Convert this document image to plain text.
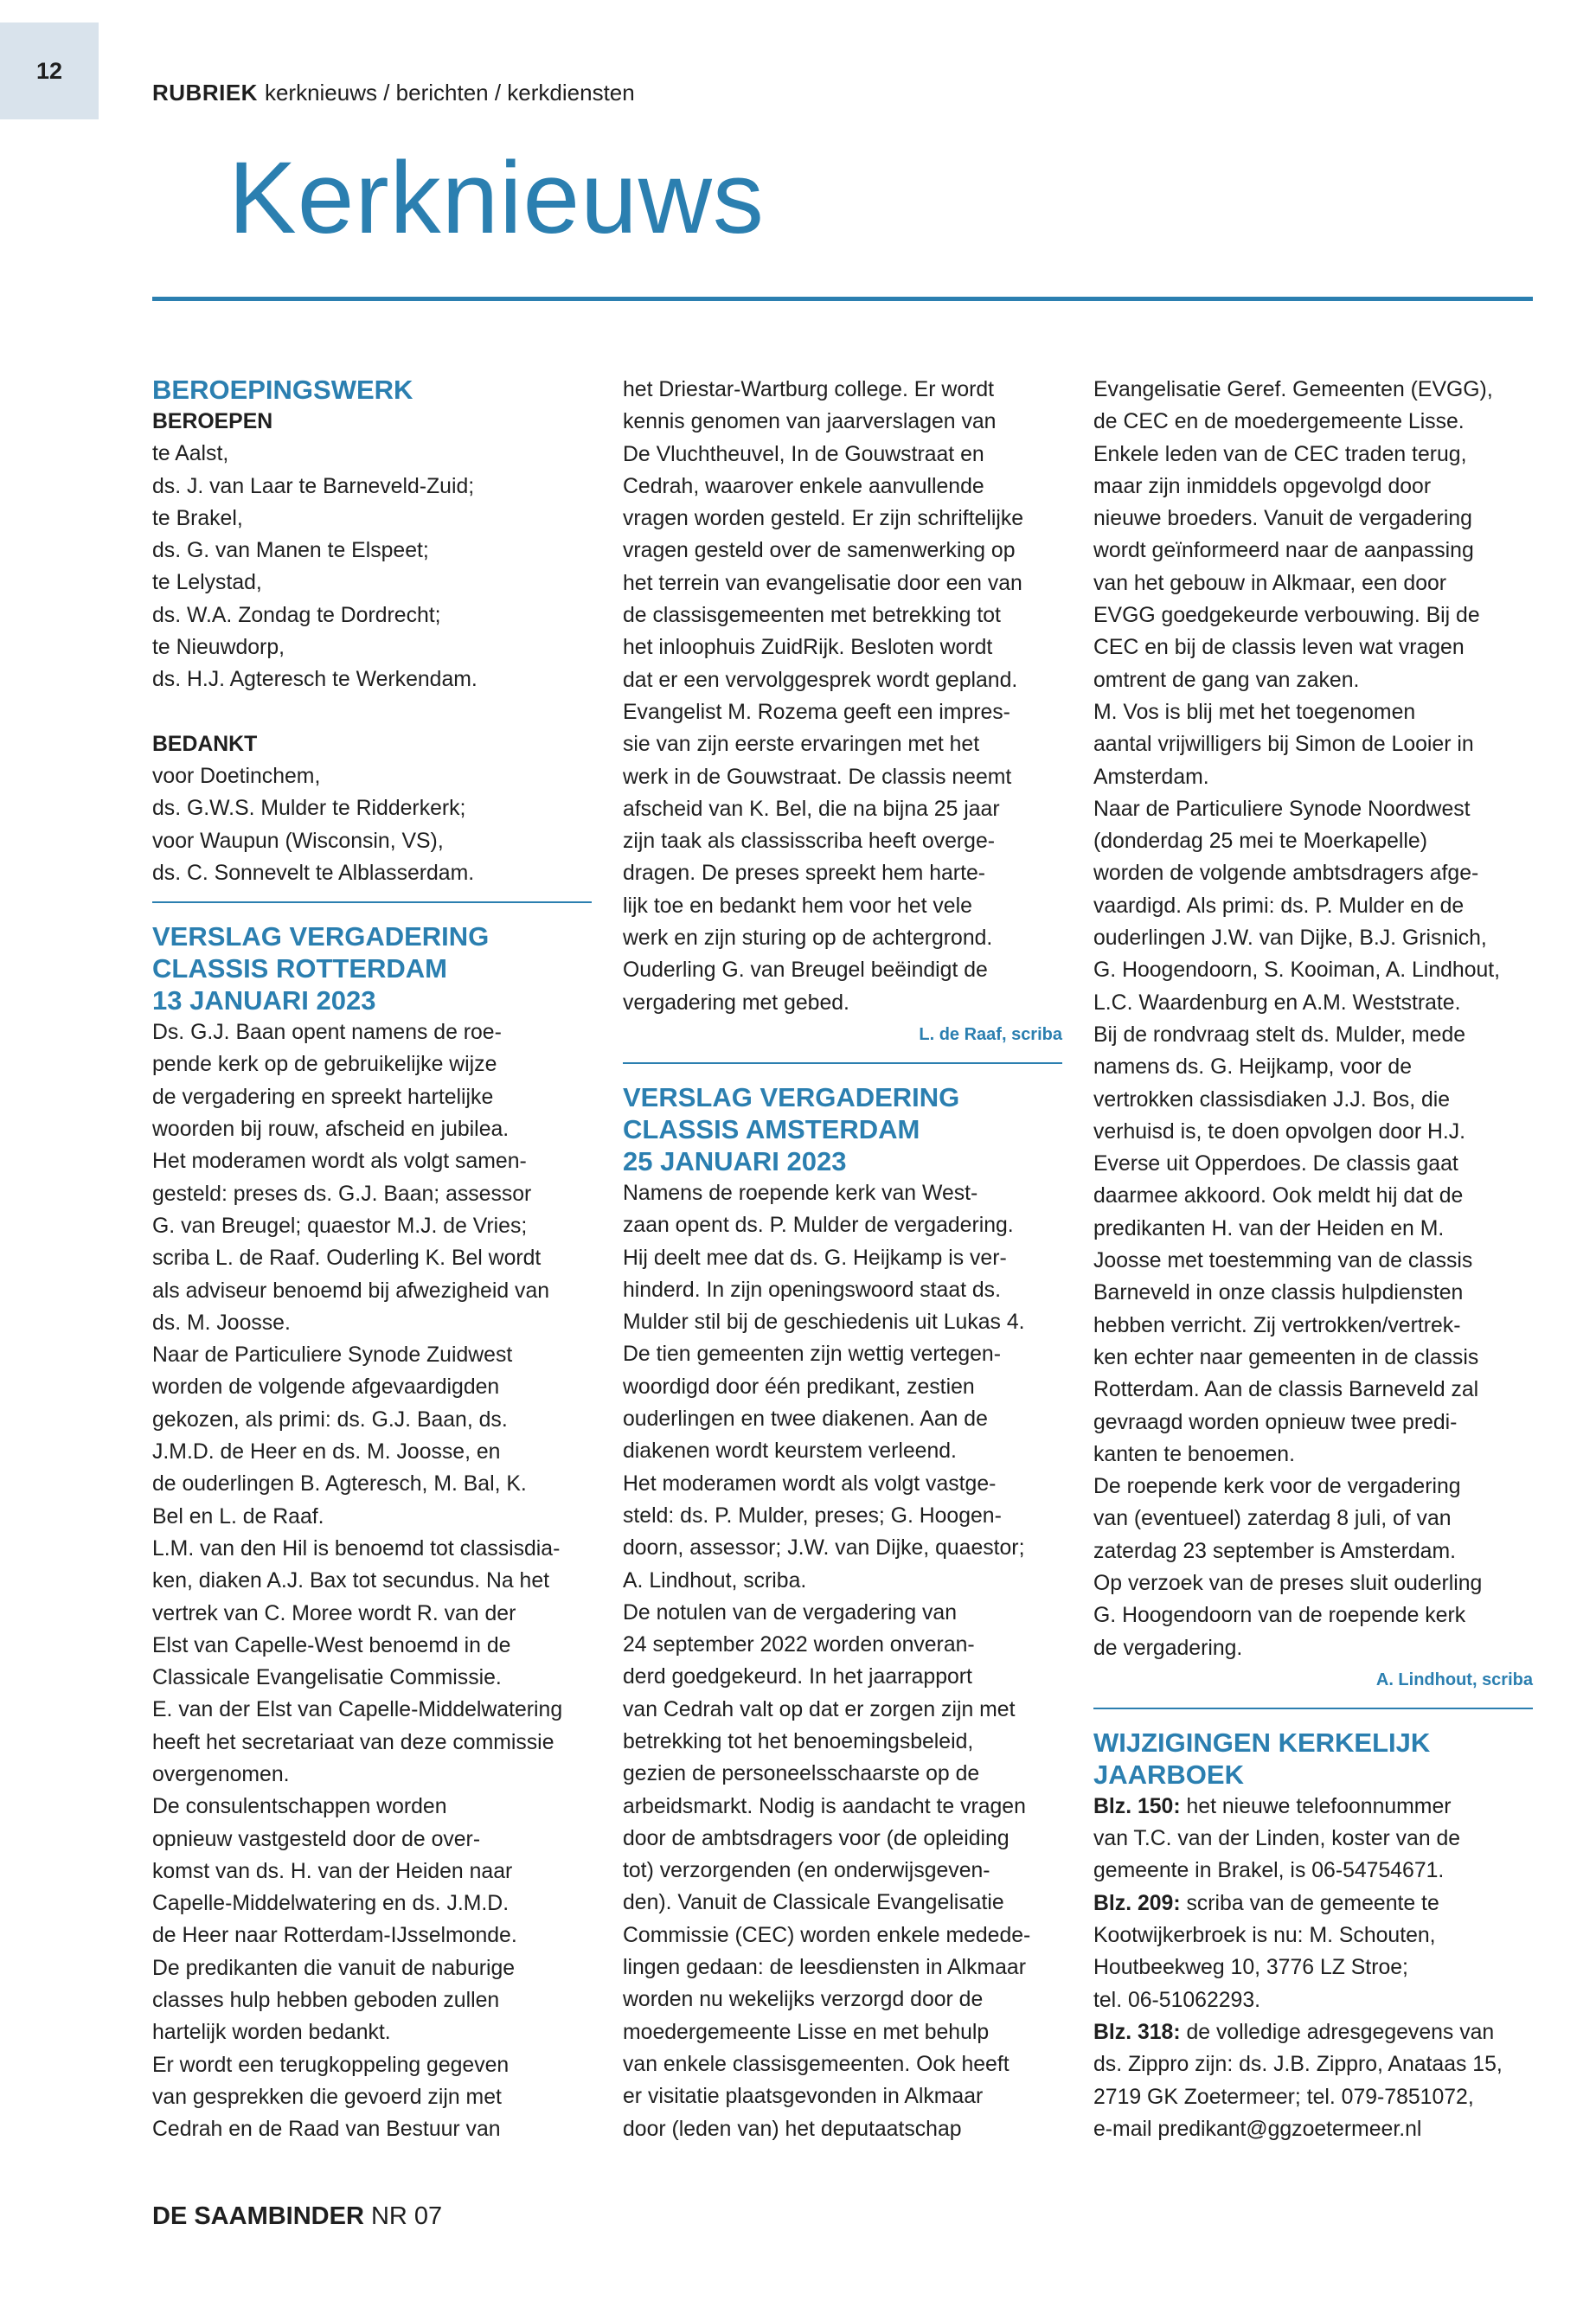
12
RUBRIEK kerknieuws / berichten / kerkdiensten
Kerknieuws

BEROEPINGSWERK

BEROEPEN

te Aalst,

ds. J. van Laar te Barneveld-Zuid;

te Brakel,

ds. G. van Manen te Elspeet;

te Lelystad,

ds. W.A. Zondag te Dordrecht;

te Nieuwdorp,

ds. H.J. Agteresch te Werkendam.

BEDANKT

voor Doetinchem,

ds. G.W.S. Mulder te Ridderkerk;

voor Waupun (Wisconsin, VS),

ds. C. Sonnevelt te Alblasserdam.

VERSLAG VERGADERING

CLASSIS ROTTERDAM

13 JANUARI 2023

Ds. G.J. Baan opent namens de roe-

pende kerk op de gebruikelijke wijze

de vergadering en spreekt hartelijke

woorden bij rouw, afscheid en jubilea.

Het moderamen wordt als volgt samen-

gesteld: preses ds. G.J. Baan; assessor

G. van Breugel; quaestor M.J. de Vries;

scriba L. de Raaf. Ouderling K. Bel wordt

als adviseur benoemd bij afwezigheid van

ds. M. Joosse.

Naar de Particuliere Synode Zuidwest

worden de volgende afgevaardigden

gekozen, als primi: ds. G.J. Baan, ds.

J.M.D. de Heer en ds. M. Joosse, en

de ouderlingen B. Agteresch, M. Bal, K.

Bel en L. de Raaf.

L.M. van den Hil is benoemd tot classisdia-

ken, diaken A.J. Bax tot secundus. Na het

vertrek van C. Moree wordt R. van der

Elst van Capelle-West benoemd in de

Classicale Evangelisatie Commissie.

E. van der Elst van Capelle-Middelwatering

heeft het secretariaat van deze commissie

overgenomen.

De consulentschappen worden

opnieuw vastgesteld door de over-

komst van ds. H. van der Heiden naar

Capelle-Middelwatering en ds. J.M.D.

de Heer naar Rotterdam-IJsselmonde.

De predikanten die vanuit de naburige

classes hulp hebben geboden zullen

hartelijk worden bedankt.

Er wordt een terugkoppeling gegeven

van gesprekken die gevoerd zijn met

Cedrah en de Raad van Bestuur van

het Driestar-Wartburg college. Er wordt

kennis genomen van jaarverslagen van

De Vluchtheuvel, In de Gouwstraat en

Cedrah, waarover enkele aanvullende

vragen worden gesteld. Er zijn schriftelijke

vragen gesteld over de samenwerking op

het terrein van evangelisatie door een van

de classisgemeenten met betrekking tot

het inloophuis ZuidRijk. Besloten wordt

dat er een vervolggesprek wordt gepland.

Evangelist M. Rozema geeft een impres-

sie van zijn eerste ervaringen met het

werk in de Gouwstraat. De classis neemt

afscheid van K. Bel, die na bijna 25 jaar

zijn taak als classisscriba heeft overge-

dragen. De preses spreekt hem harte-

lijk toe en bedankt hem voor het vele

werk en zijn sturing op de achtergrond.

Ouderling G. van Breugel beëindigt de

vergadering met gebed.

L. de Raaf, scriba

VERSLAG VERGADERING

CLASSIS AMSTERDAM

25 JANUARI 2023

Namens de roepende kerk van West-

zaan opent ds. P. Mulder de vergadering.

Hij deelt mee dat ds. G. Heijkamp is ver-

hinderd. In zijn openingswoord staat ds.

Mulder stil bij de geschiedenis uit Lukas 4.

De tien gemeenten zijn wettig vertegen-

woordigd door één predikant, zestien

ouderlingen en twee diakenen. Aan de

diakenen wordt keurstem verleend.

Het moderamen wordt als volgt vastge-

steld: ds. P. Mulder, preses; G. Hoogen-

doorn, assessor; J.W. van Dijke, quaestor;

A. Lindhout, scriba.

De notulen van de vergadering van

24 september 2022 worden onveran-

derd goedgekeurd. In het jaarrapport

van Cedrah valt op dat er zorgen zijn met

betrekking tot het benoemingsbeleid,

gezien de personeelsschaarste op de

arbeidsmarkt. Nodig is aandacht te vragen

door de ambtsdragers voor (de opleiding

tot) verzorgenden (en onderwijsgeven-

den). Vanuit de Classicale Evangelisatie

Commissie (CEC) worden enkele medede-

lingen gedaan: de leesdiensten in Alkmaar

worden nu wekelijks verzorgd door de

moedergemeente Lisse en met behulp

van enkele classisgemeenten. Ook heeft

er visitatie plaatsgevonden in Alkmaar

door (leden van) het deputaatschap

Evangelisatie Geref. Gemeenten (EVGG),

de CEC en de moedergemeente Lisse.

Enkele leden van de CEC traden terug,

maar zijn inmiddels opgevolgd door

nieuwe broeders. Vanuit de vergadering

wordt geïnformeerd naar de aanpassing

van het gebouw in Alkmaar, een door

EVGG goedgekeurde verbouwing. Bij de

CEC en bij de classis leven wat vragen

omtrent de gang van zaken.

M. Vos is blij met het toegenomen

aantal vrijwilligers bij Simon de Looier in

Amsterdam.

Naar de Particuliere Synode Noordwest

(donderdag 25 mei te Moerkapelle)

worden de volgende ambtsdragers afge-

vaardigd. Als primi: ds. P. Mulder en de

ouderlingen J.W. van Dijke, B.J. Grisnich,

G. Hoogendoorn, S. Kooiman, A. Lindhout,

L.C. Waardenburg en A.M. Weststrate.

Bij de rondvraag stelt ds. Mulder, mede

namens ds. G. Heijkamp, voor de

vertrokken classisdiaken J.J. Bos, die

verhuisd is, te doen opvolgen door H.J.

Everse uit Opperdoes. De classis gaat

daarmee akkoord. Ook meldt hij dat de

predikanten H. van der Heiden en M.

Joosse met toestemming van de classis

Barneveld in onze classis hulpdiensten

hebben verricht. Zij vertrokken/vertrek-

ken echter naar gemeenten in de classis

Rotterdam. Aan de classis Barneveld zal

gevraagd worden opnieuw twee predi-

kanten te benoemen.

De roepende kerk voor de vergadering

van (eventueel) zaterdag 8 juli, of van

zaterdag 23 september is Amsterdam.

Op verzoek van de preses sluit ouderling

G. Hoogendoorn van de roepende kerk

de vergadering.

A. Lindhout, scriba

WIJZIGINGEN KERKELIJK

JAARBOEK

Blz. 150: het nieuwe telefoonnummer

van T.C. van der Linden, koster van de

gemeente in Brakel, is 06-54754671.

Blz. 209: scriba van de gemeente te

Kootwijkerbroek is nu: M. Schouten,

Houtbeekweg 10, 3776 LZ Stroe;

tel. 06-51062293.

Blz. 318: de volledige adresgegevens van

ds. Zippro zijn: ds. J.B. Zippro, Anataas 15,

2719 GK Zoetermeer; tel. 079-7851072,

e-mail predikant@ggzoetermeer.nl

DE SAAMBINDER NR 07
